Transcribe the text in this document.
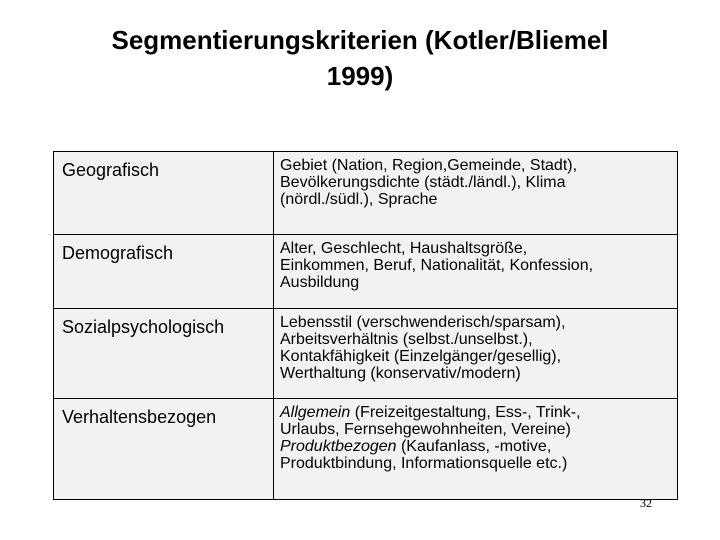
Segmentierungskriterien (Kotler/Bliemel
1999)
Geografisch	Gebiet (Nation, Region,Gemeinde, Stadt),
Bevölkerungsdichte (städt./ländl.), Klima
(nördl./südl.), Sprache

Demografisch	Alter, Geschlecht, Haushaltsgröße,
Einkommen, Beruf, Nationalität, Konfession,
Ausbildung

Sozialpsychologisch	Lebensstil (verschwenderisch/sparsam),
Arbeitsverhältnis (selbst./unselbst.),
Kontakfähigkeit (Einzelgänger/gesellig),
Werthaltung (konservativ/modern)

Verhaltensbezogen	Allgemein (Freizeitgestaltung, Ess-, Trink-,
Urlaubs, Fernsehgewohnheiten, Vereine)
Produktbezogen (Kaufanlass, -motive,
Produktbindung, Informationsquelle etc.)
32
